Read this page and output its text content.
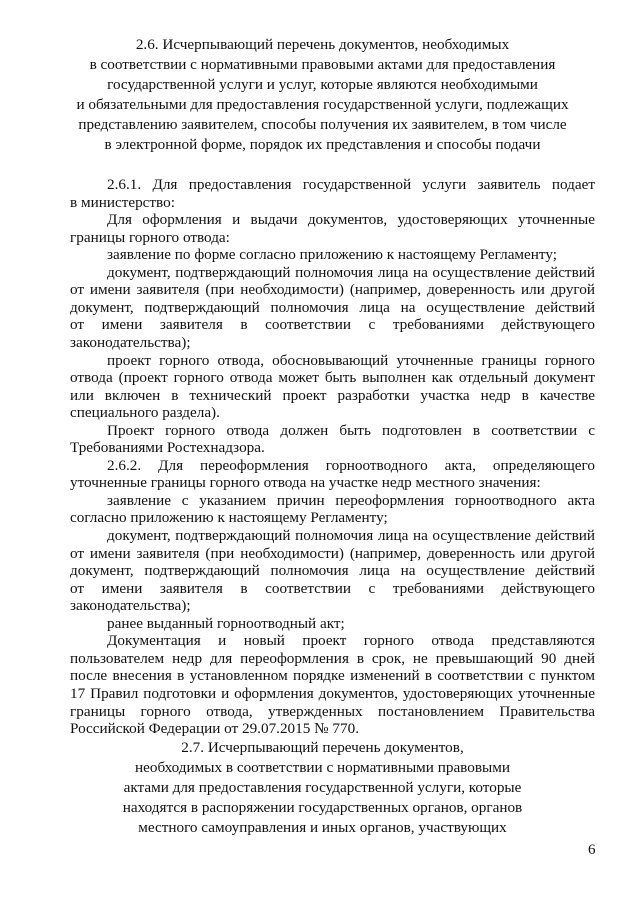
2.6. Исчерпывающий перечень документов, необходимых

в соответствии с нормативными правовыми актами для предоставления

государственной услуги и услуг, которые являются необходимыми

и обязательными для предоставления государственной услуги, подлежащих

представлению заявителем, способы получения их заявителем, в том числе

в электронной форме, порядок их представления и способы подачи

2.6.1. Для предоставления государственной услуги заявитель подает

в министерство:

Для оформления и выдачи документов, удостоверяющих уточненные

границы горного отвода:

заявление по форме согласно приложению к настоящему Регламенту;

документ, подтверждающий полномочия лица на осуществление действий

от имени заявителя (при необходимости) (например, доверенность или другой

документ, подтверждающий полномочия лица на осуществление действий

от имени заявителя в соответствии с требованиями действующего

законодательства);

проект горного отвода, обосновывающий уточненные границы горного

отвода (проект горного отвода может быть выполнен как отдельный документ

или включен в технический проект разработки участка недр в качестве

специального раздела).

Проект горного отвода должен быть подготовлен в соответствии с

Требованиями Ростехнадзора.

2.6.2. Для переоформления горноотводного акта, определяющего

уточненные границы горного отвода на участке недр местного значения:

заявление с указанием причин переоформления горноотводного акта

согласно приложению к настоящему Регламенту;

документ, подтверждающий полномочия лица на осуществление действий

от имени заявителя (при необходимости) (например, доверенность или другой

документ, подтверждающий полномочия лица на осуществление действий

от имени заявителя в соответствии с требованиями действующего

законодательства);

ранее выданный горноотводный акт;

Документация и новый проект горного отвода представляются

пользователем недр для переоформления в срок, не превышающий 90 дней

после внесения в установленном порядке изменений в соответствии с пунктом

17 Правил подготовки и оформления документов, удостоверяющих уточненные

границы горного отвода, утвержденных постановлением Правительства

Российской Федерации от 29.07.2015 № 770.

2.7. Исчерпывающий перечень документов,

необходимых в соответствии с нормативными правовыми

актами для предоставления государственной услуги, которые

находятся в распоряжении государственных органов, органов

местного самоуправления и иных органов, участвующих

6
